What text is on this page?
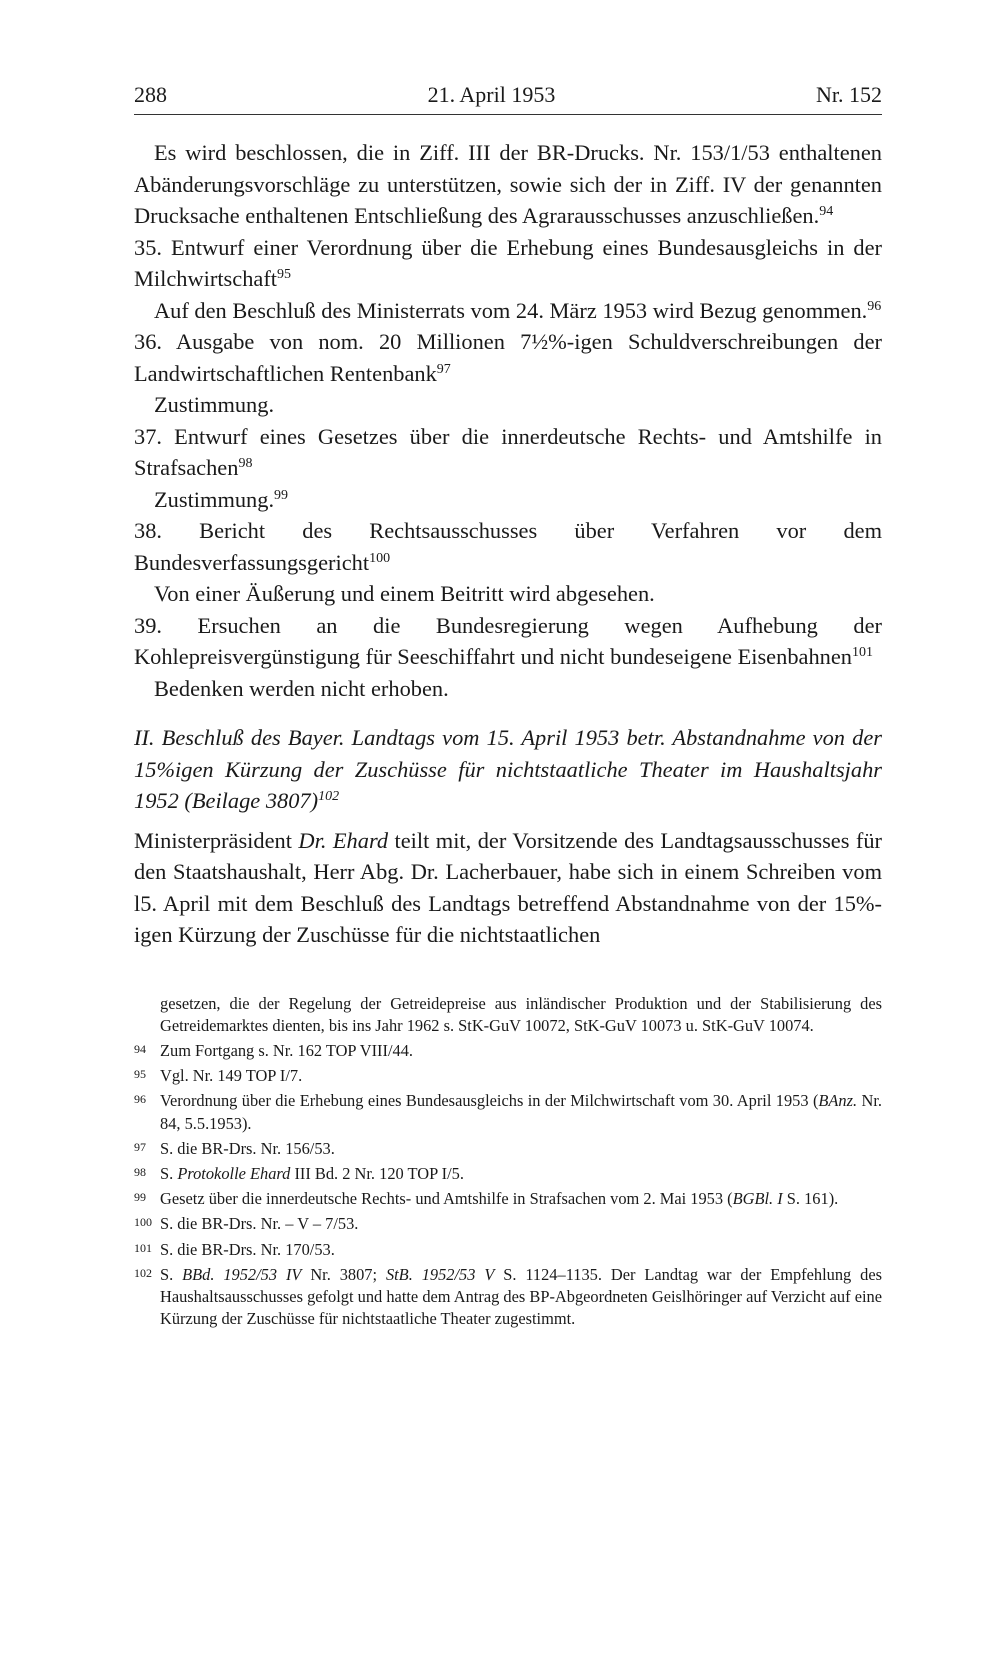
288	21. April 1953	Nr. 152

Es wird beschlossen, die in Ziff. III der BR-Drucks. Nr. 153/1/53 enthaltenen Abänderungsvorschläge zu unterstützen, sowie sich der in Ziff. IV der genannten Drucksache enthaltenen Entschließung des Agrarausschusses anzuschließen.$^{94}$

35. Entwurf einer Verordnung über die Erhebung eines Bundesausgleichs in der Milchwirtschaft$^{95}$

Auf den Beschluß des Ministerrats vom 24. März 1953 wird Bezug genommen.$^{96}$

36. Ausgabe von nom. 20 Millionen 7½%-igen Schuldverschreibungen der Landwirtschaftlichen Rentenbank$^{97}$

Zustimmung.

37. Entwurf eines Gesetzes über die innerdeutsche Rechts- und Amtshilfe in Strafsachen$^{98}$

Zustimmung.$^{99}$

38. Bericht des Rechtsausschusses über Verfahren vor dem Bundesverfassungsgericht$^{100}$

Von einer Äußerung und einem Beitritt wird abgesehen.

39. Ersuchen an die Bundesregierung wegen Aufhebung der Kohlepreisvergünstigung für Seeschiffahrt und nicht bundeseigene Eisenbahnen$^{101}$

Bedenken werden nicht erhoben.

II. Beschluß des Bayer. Landtags vom 15. April 1953 betr. Abstandnahme von der 15%igen Kürzung der Zuschüsse für nichtstaatliche Theater im Haushaltsjahr 1952 (Beilage 3807)$^{102}$
Ministerpräsident Dr. Ehard teilt mit, der Vorsitzende des Landtagsausschusses für den Staatshaushalt, Herr Abg. Dr. Lacherbauer, habe sich in einem Schreiben vom l5. April mit dem Beschluß des Landtags betreffend Abstandnahme von der 15%-igen Kürzung der Zuschüsse für die nichtstaatlichen
gesetzen, die der Regelung der Getreidepreise aus inländischer Produktion und der Stabilisierung des Getreidemarktes dienten, bis ins Jahr 1962 s. StK-GuV 10072, StK-GuV 10073 u. StK-GuV 10074.
94 Zum Fortgang s. Nr. 162 TOP VIII/44.
95 Vgl. Nr. 149 TOP I/7.
96 Verordnung über die Erhebung eines Bundesausgleichs in der Milchwirtschaft vom 30. April 1953 (BAnz. Nr. 84, 5.5.1953).
97 S. die BR-Drs. Nr. 156/53.
98 S. Protokolle Ehard III Bd. 2 Nr. 120 TOP I/5.
99 Gesetz über die innerdeutsche Rechts- und Amtshilfe in Strafsachen vom 2. Mai 1953 (BGBl. I S. 161).
100 S. die BR-Drs. Nr. – V – 7/53.
101 S. die BR-Drs. Nr. 170/53.
102 S. BBd. 1952/53 IV Nr. 3807; StB. 1952/53 V S. 1124–1135. Der Landtag war der Empfehlung des Haushaltsausschusses gefolgt und hatte dem Antrag des BP-Abgeordneten Geislhöringer auf Verzicht auf eine Kürzung der Zuschüsse für nichtstaatliche Theater zugestimmt.
